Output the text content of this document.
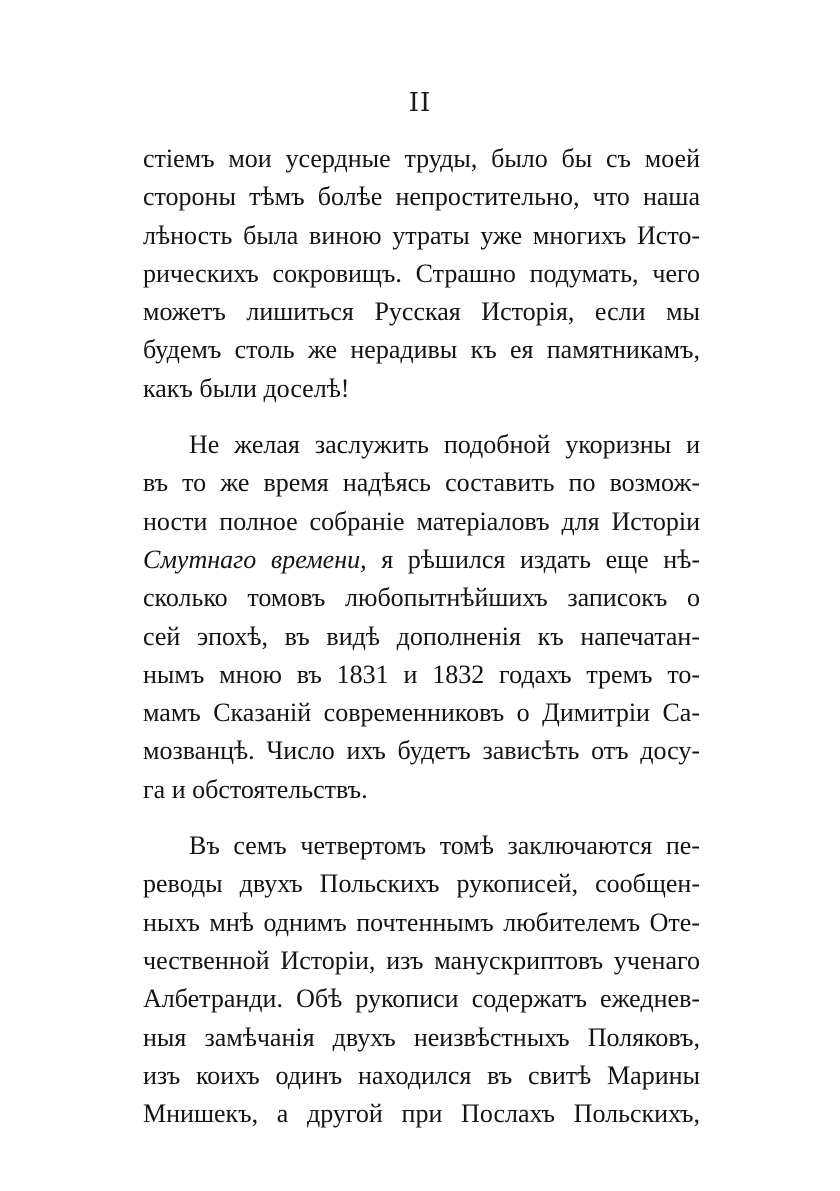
II
стіемъ мои усердные труды, было бы съ моей
стороны тѣмъ болѣе непростительно, что наша
лѣность была виною утраты уже многихъ Исто-
рическихъ сокровищъ. Страшно подумать, чего
можетъ лишиться Русская Исторія, если мы
будемъ столь же нерадивы къ ея памятникамъ,
какъ были доселѣ!
Не желая заслужить подобной укоризны и
въ то же время надѣясь составить по возмож-
ности полное собраніе матеріаловъ для Исторіи
Смутнаго времени, я рѣшился издать еще нѣ-
сколько томовъ любопытнѣйшихъ записокъ о
сей эпохѣ, въ видѣ дополненія къ напечатан-
нымъ мною въ 1831 и 1832 годахъ тремъ то-
мамъ Сказаній современниковъ о Димитріи Са-
мозванцѣ. Число ихъ будетъ зависѣть отъ досу-
га и обстоятельствъ.
Въ семъ четвертомъ томѣ заключаются пе-
реводы двухъ Польскихъ рукописей, сообщен-
ныхъ мнѣ однимъ почтеннымъ любителемъ Оте-
чественной Исторіи, изъ манускриптовъ ученаго
Албетранди. Обѣ рукописи содержатъ ежеднев-
ныя замѣчанія двухъ неизвѣстныхъ Поляковъ,
изъ коихъ одинъ находился въ свитѣ Марины
Мнишекъ, а другой при Послахъ Польскихъ,
